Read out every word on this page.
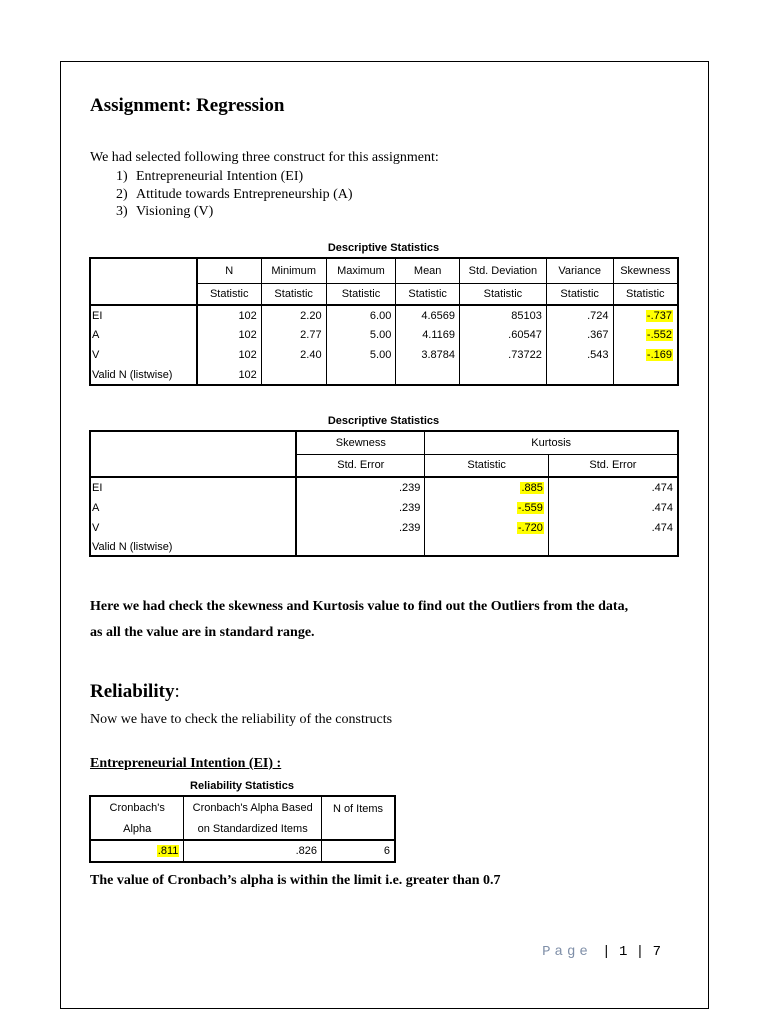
Assignment: Regression
We had selected following three construct for this assignment:
1) Entrepreneurial Intention (EI)
2) Attitude towards Entrepreneurship (A)
3) Visioning (V)
Descriptive Statistics
	N	Minimum	Maximum	Mean	Std. Deviation	Variance	Skewness
	Statistic	Statistic	Statistic	Statistic	Statistic	Statistic	Statistic
EI	102	2.20	6.00	4.6569	85103	.724	-.737
A	102	2.77	5.00	4.1169	.60547	.367	-.552
V	102	2.40	5.00	3.8784	.73722	.543	-.169
Valid N (listwise)	102						
Descriptive Statistics
	Skewness	Kurtosis	
	Std. Error	Statistic	Std. Error
EI	.239	.885	.474
A	.239	-.559	.474
V	.239	-.720	.474
Valid N (listwise)			
Here we had check the skewness and Kurtosis value to find out the Outliers from the data,
as all the value are in standard range.
Reliability:
Now we have to check the reliability of the constructs
Entrepreneurial Intention (EI) :
Reliability Statistics
Cronbach's	Cronbach's Alpha Based	N of Items
Alpha	on Standardized Items	
.811	.826	6
The value of Cronbach’s alpha is within the limit i.e. greater than 0.7
Page | 1 | 7
